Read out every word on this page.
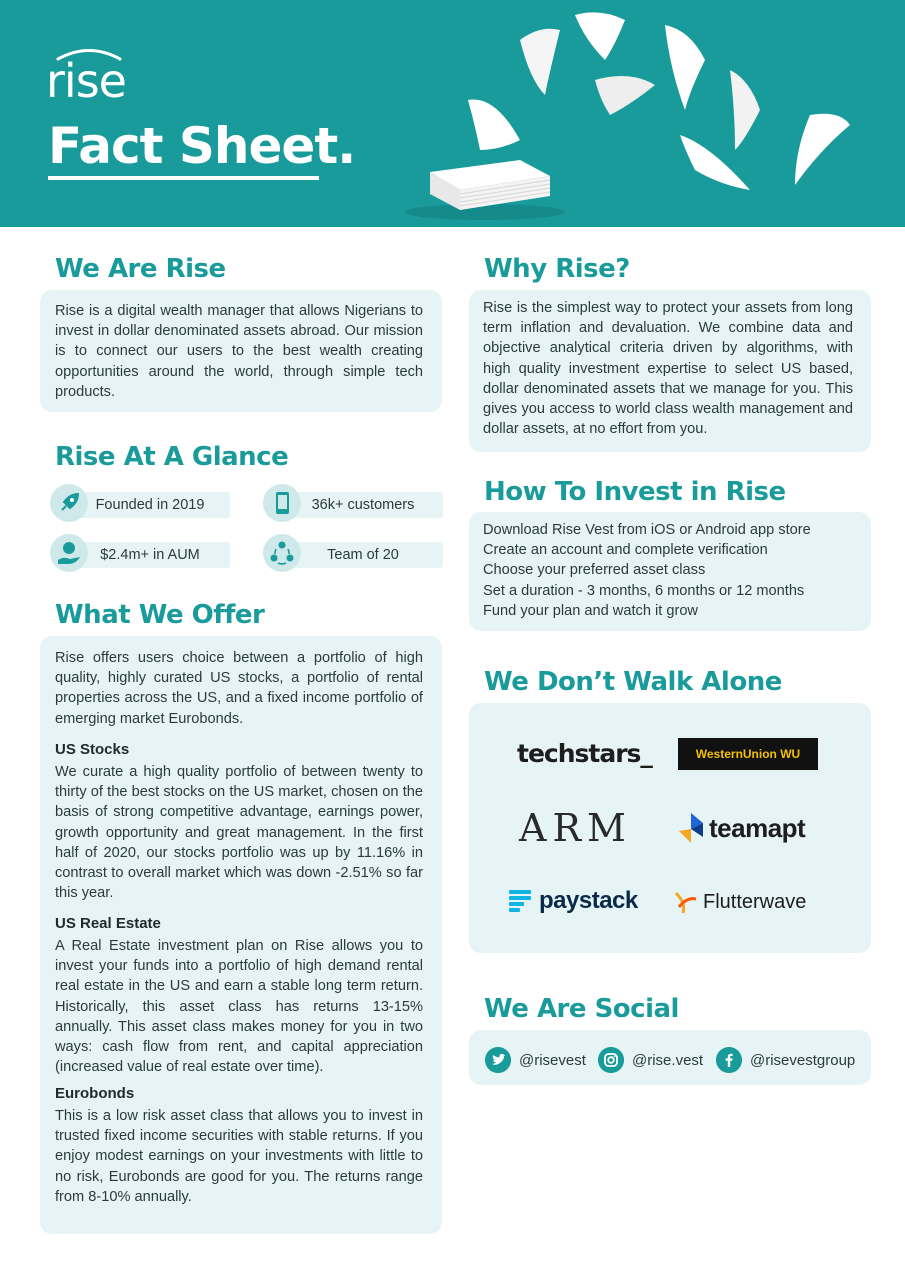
rise
Fact Sheet.
We Are Rise
Rise is a digital wealth manager that allows Nigerians to invest in dollar denominated assets abroad. Our mission is to connect our users to the best wealth creating opportunities around the world, through simple tech products.
Rise At A Glance
Founded in 2019	36k+ customers
$2.4m+ in AUM	Team of 20
What We Offer
Rise offers users choice between a portfolio of high quality, highly curated US stocks, a portfolio of rental properties across the US, and a fixed income portfolio of emerging market Eurobonds.
US Stocks
We curate a high quality portfolio of between twenty to thirty of the best stocks on the US market, chosen on the basis of strong competitive advantage, earnings power, growth opportunity and great management. In the first half of 2020, our stocks portfolio was up by 11.16% in contrast to overall market which was down -2.51% so far this year.
US Real Estate
A Real Estate investment plan on Rise allows you to invest your funds into a portfolio of high demand rental real estate in the US and earn a stable long term return. Historically, this asset class has returns 13-15% annually. This asset class makes money for you in two ways: cash flow from rent, and capital appreciation (increased value of real estate over time).
Eurobonds
This is a low risk asset class that allows you to invest in trusted fixed income securities with stable returns. If you enjoy modest earnings on your investments with little to no risk, Eurobonds are good for you. The returns range from 8-10% annually.
Why Rise?
Rise is the simplest way to protect your assets from long term inflation and devaluation. We combine data and objective analytical criteria driven by algorithms, with high quality investment expertise to select US based, dollar denominated assets that we manage for you. This gives you access to world class wealth management and dollar assets, at no effort from you.
How To Invest in Rise
Download Rise Vest from iOS or Android app store
Create an account and complete verification
Choose your preferred asset class
Set a duration - 3 months, 6 months or 12 months
Fund your plan and watch it grow
We Don’t Walk Alone
techstars_	WesternUnion WU
ARM	teamapt
paystack	Flutterwave
We Are Social
@risevest	@rise.vest	@risevestgroup
